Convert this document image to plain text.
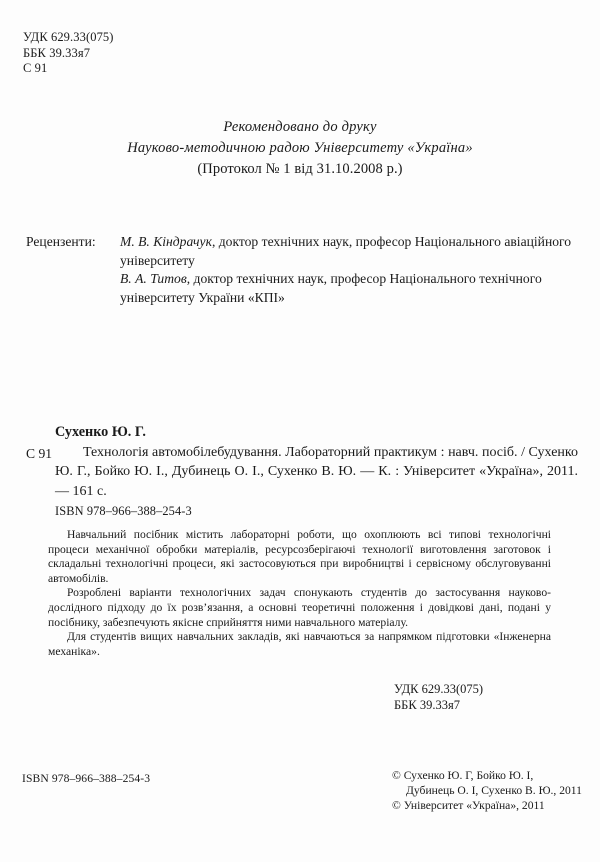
УДК 629.33(075)
ББК 39.33я7
С 91
Рекомендовано до друку
Науково-методичною радою Університету «Україна»
(Протокол № 1 від 31.10.2008 р.)
Рецензенти: М. В. Кіндрачук, доктор технічних наук, професор Національного авіаційного університету
В. А. Титов, доктор технічних наук, професор Національного технічного університету України «КПІ»
Сухенко Ю. Г.
С 91	Технологія автомобілебудування. Лабораторний практикум : навч. посіб. / Сухенко Ю. Г., Бойко Ю. І., Дубинець О. І., Сухенко В. Ю. — К. : Університет «Україна», 2011. — 161 с.
ISBN 978–966–388–254-3

Навчальний посібник містить лабораторні роботи, що охоплюють всі типові технологічні процеси механічної обробки матеріалів, ресурсозберігаючі технології виготовлення заготовок і складальні технологічні процеси, які застосовуються при виробництві і сервісному обслуговуванні автомобілів.

Розроблені варіанти технологічних задач спонукають студентів до застосування науково-дослідного підходу до їх розв’язання, а основні теоретичні положення і довідкові дані, подані у посібнику, забезпечують якісне сприйняття ними навчального матеріалу.

Для студентів вищих навчальних закладів, які навчаються за напрямком підготовки «Інженерна механіка».

УДК 629.33(075)
ББК 39.33я7
ISBN 978–966–388–254-3	© Сухенко Ю. Г, Бойко Ю. І,
Дубинець О. І, Сухенко В. Ю., 2011
© Університет «Україна», 2011
